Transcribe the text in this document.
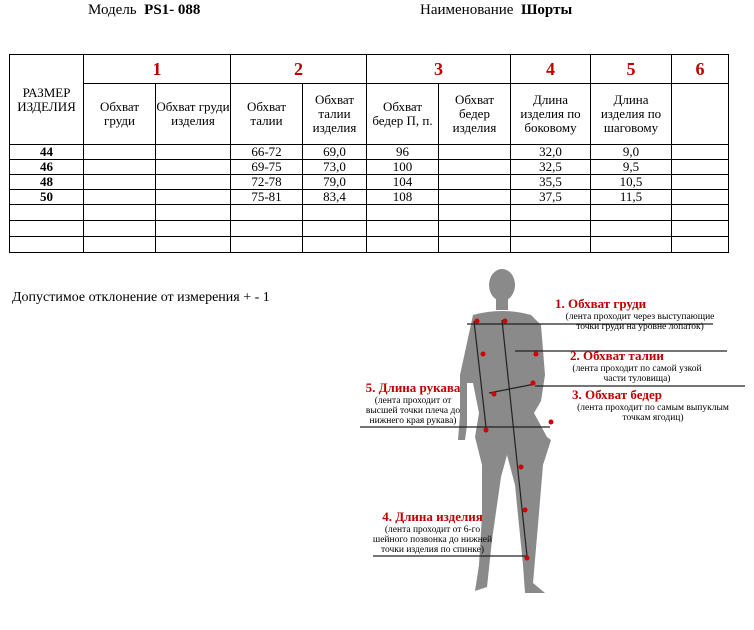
Модель PS1- 088	Наименование Шорты
РАЗМЕР ИЗДЕЛИЯ	1		2		3		4	5	6
	Обхват груди	Обхват груди изделия	Обхват талии	Обхват талии изделия	Обхват бедер П, п.	Обхват бедер изделия	Длина изделия по боковому	Длина изделия по шаговому	
44			66-72	69,0	96		32,0	9,0	
46			69-75	73,0	100		32,5	9,5	
48			72-78	79,0	104		35,5	10,5	
50			75-81	83,4	108		37,5	11,5	

Допустимое отклонение от измерения + - 1	1. Обхват груди
(лента проходит через выступающие точки груди на уровне лопаток)
2. Обхват талии
(лента проходит по самой узкой части туловища)
3. Обхват бедер
(лента проходит по самым выпуклым точкам ягодиц)
5. Длина рукава
(лента проходит от высшей точки плеча до нижнего края рукава)
4. Длина изделия
(лента проходит от 6-го шейного позвонка до нижней точки изделия по спинке)
